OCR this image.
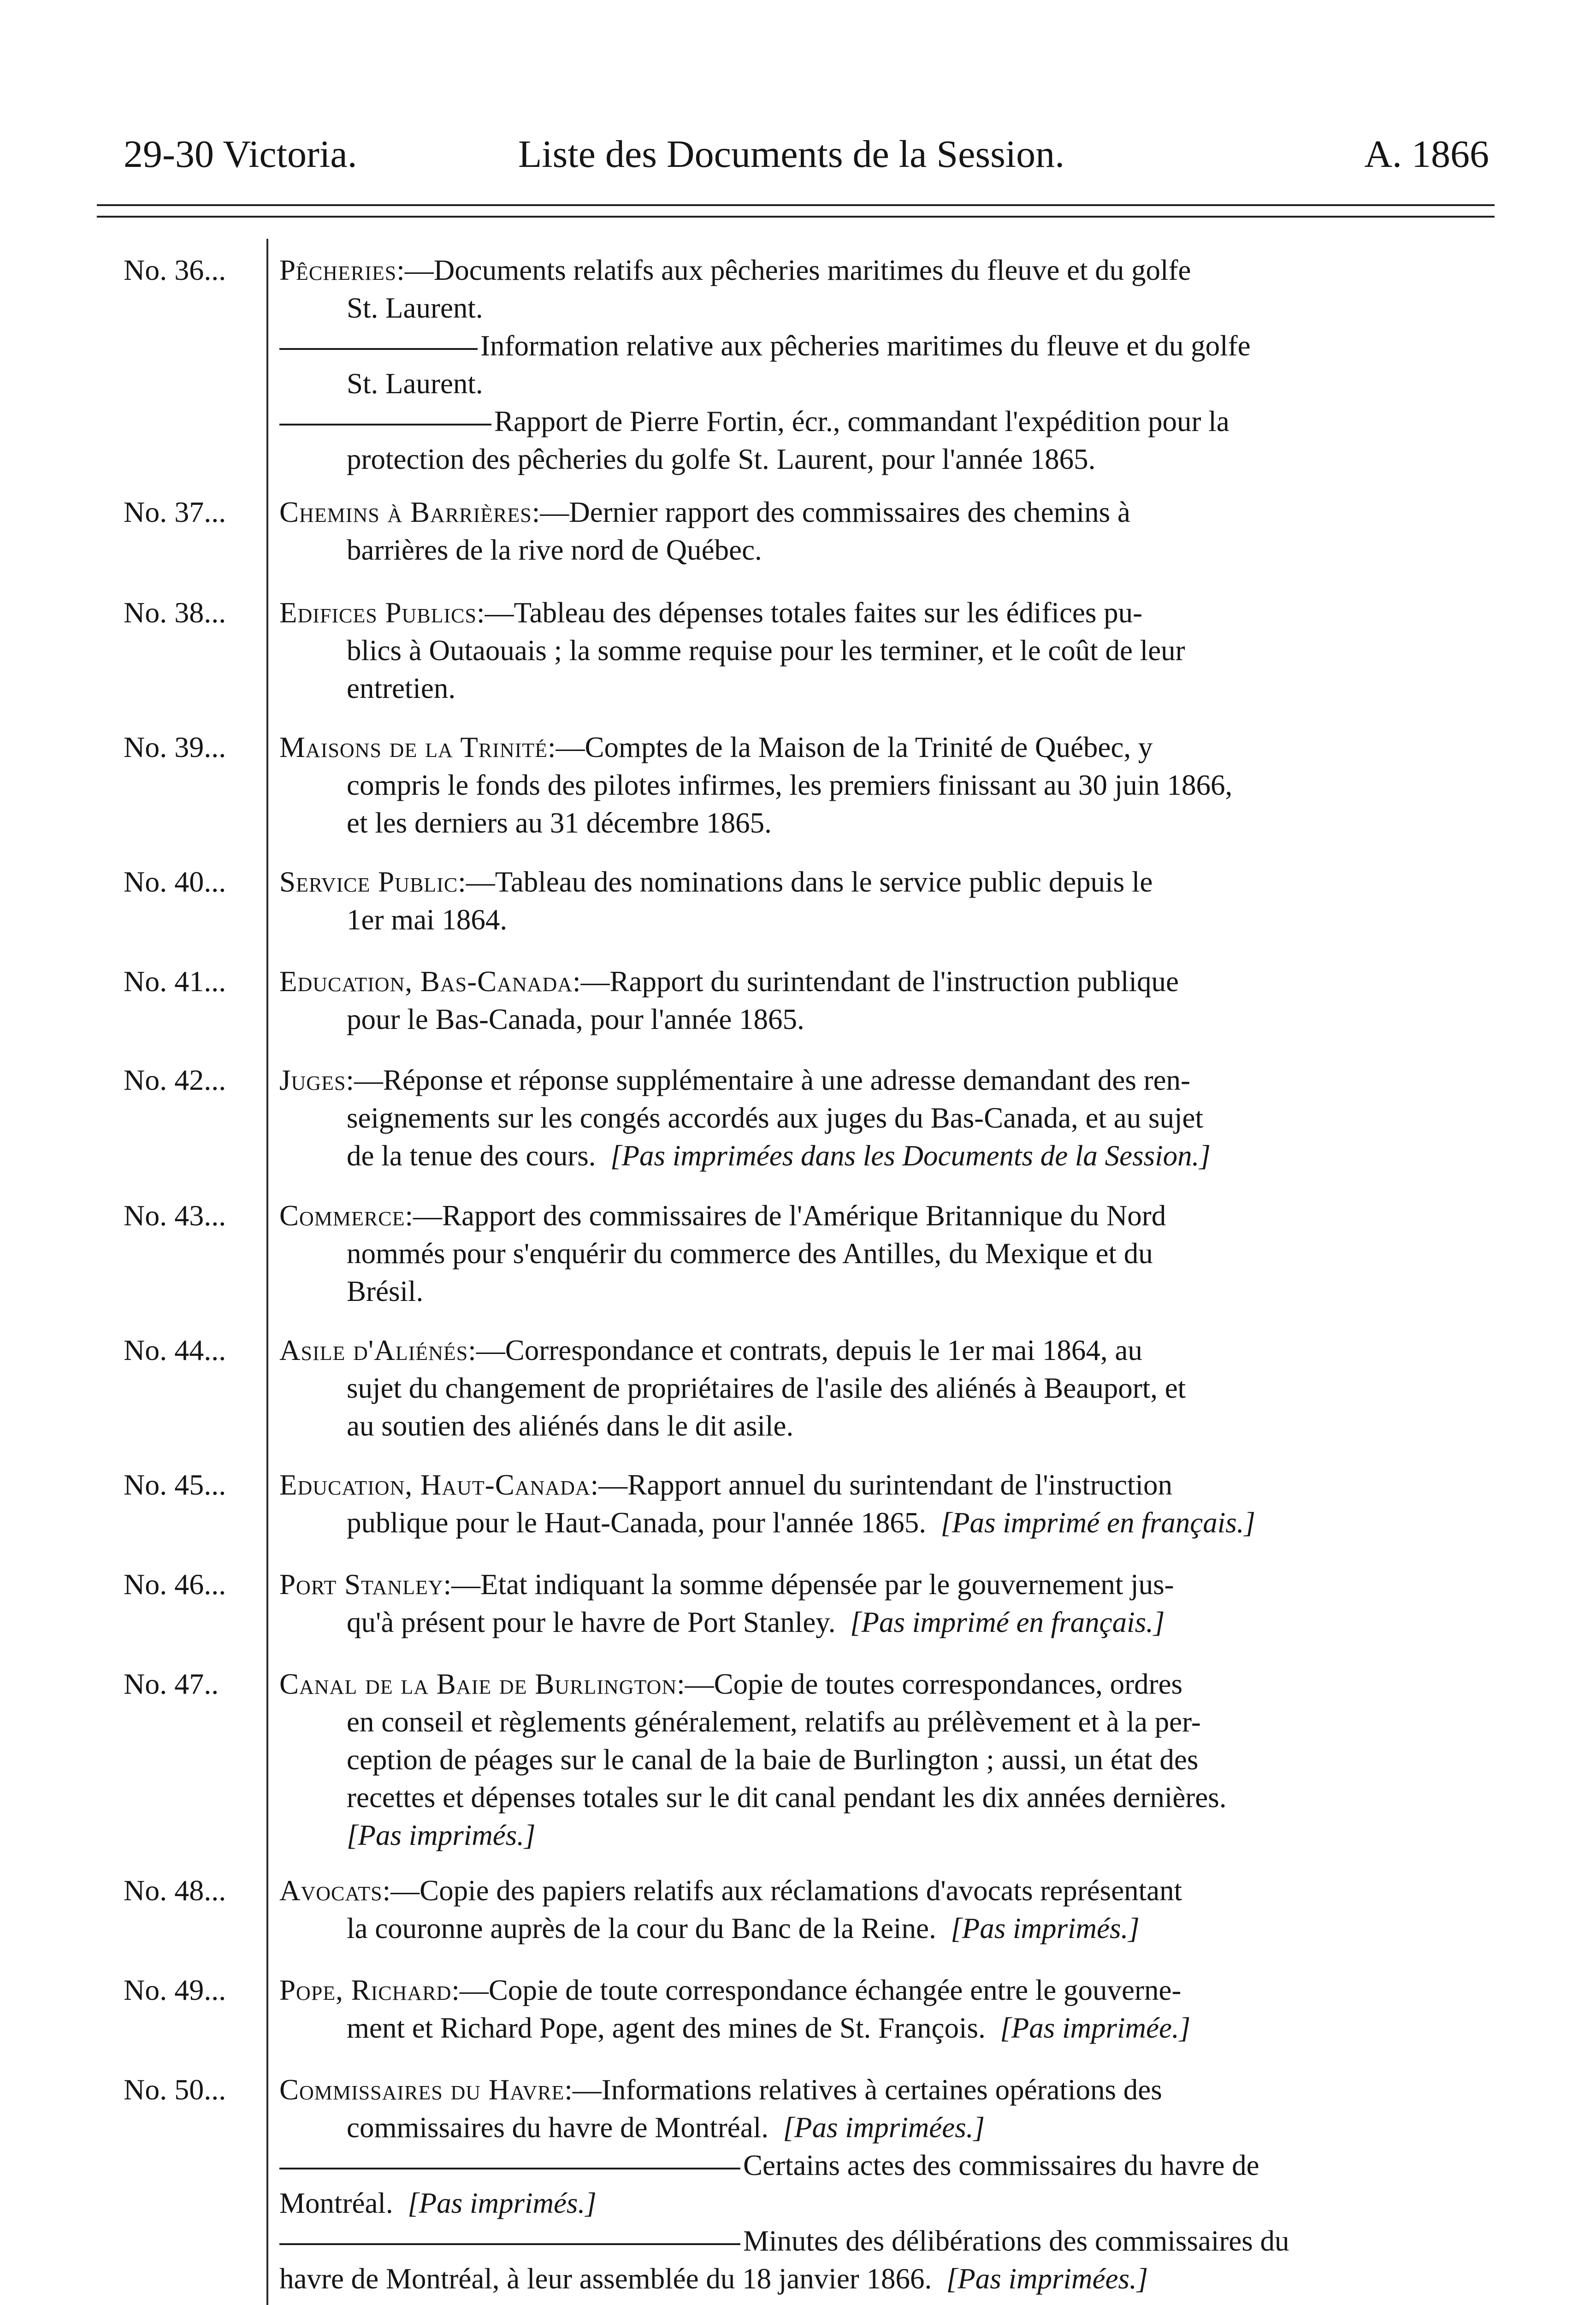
29-30 Victoria.	Liste des Documents de la Session.	A. 1866
No. 36...	Pêcheries:—Documents relatifs aux pêcheries maritimes du fleuve et du golfe
St. Laurent.
Information relative aux pêcheries maritimes du fleuve et du golfe
St. Laurent.
Rapport de Pierre Fortin, écr., commandant l'expédition pour la
protection des pêcheries du golfe St. Laurent, pour l'année 1865.
No. 37...	Chemins à Barrières:—Dernier rapport des commissaires des chemins à
barrières de la rive nord de Québec.
No. 38...	Edifices Publics:—Tableau des dépenses totales faites sur les édifices pu-
blics à Outaouais ; la somme requise pour les terminer, et le coût de leur
entretien.
No. 39...	Maisons de la Trinité:—Comptes de la Maison de la Trinité de Québec, y
compris le fonds des pilotes infirmes, les premiers finissant au 30 juin 1866,
et les derniers au 31 décembre 1865.
No. 40...	Service Public:—Tableau des nominations dans le service public depuis le
1er mai 1864.
No. 41...	Education, Bas-Canada:—Rapport du surintendant de l'instruction publique
pour le Bas-Canada, pour l'année 1865.
No. 42...	Juges:—Réponse et réponse supplémentaire à une adresse demandant des ren-
seignements sur les congés accordés aux juges du Bas-Canada, et au sujet
de la tenue des cours. [Pas imprimées dans les Documents de la Session.]
No. 43...	Commerce:—Rapport des commissaires de l'Amérique Britannique du Nord
nommés pour s'enquérir du commerce des Antilles, du Mexique et du
Brésil.
No. 44...	Asile d'Aliénés:—Correspondance et contrats, depuis le 1er mai 1864, au
sujet du changement de propriétaires de l'asile des aliénés à Beauport, et
au soutien des aliénés dans le dit asile.
No. 45...	Education, Haut-Canada:—Rapport annuel du surintendant de l'instruction
publique pour le Haut-Canada, pour l'année 1865. [Pas imprimé en français.]
No. 46...	Port Stanley:—Etat indiquant la somme dépensée par le gouvernement jus-
qu'à présent pour le havre de Port Stanley. [Pas imprimé en français.]
No. 47..	Canal de la Baie de Burlington:—Copie de toutes correspondances, ordres
en conseil et règlements généralement, relatifs au prélèvement et à la per-
ception de péages sur le canal de la baie de Burlington ; aussi, un état des
recettes et dépenses totales sur le dit canal pendant les dix années dernières.
[Pas imprimés.]
No. 48...	Avocats:—Copie des papiers relatifs aux réclamations d'avocats représentant
la couronne auprès de la cour du Banc de la Reine. [Pas imprimés.]
No. 49...	Pope, Richard:—Copie de toute correspondance échangée entre le gouverne-
ment et Richard Pope, agent des mines de St. François. [Pas imprimée.]
No. 50...	Commissaires du Havre:—Informations relatives à certaines opérations des
commissaires du havre de Montréal. [Pas imprimées.]
Certains actes des commissaires du havre de
Montréal. [Pas imprimés.]
Minutes des délibérations des commissaires du
havre de Montréal, à leur assemblée du 18 janvier 1866. [Pas imprimées.]
